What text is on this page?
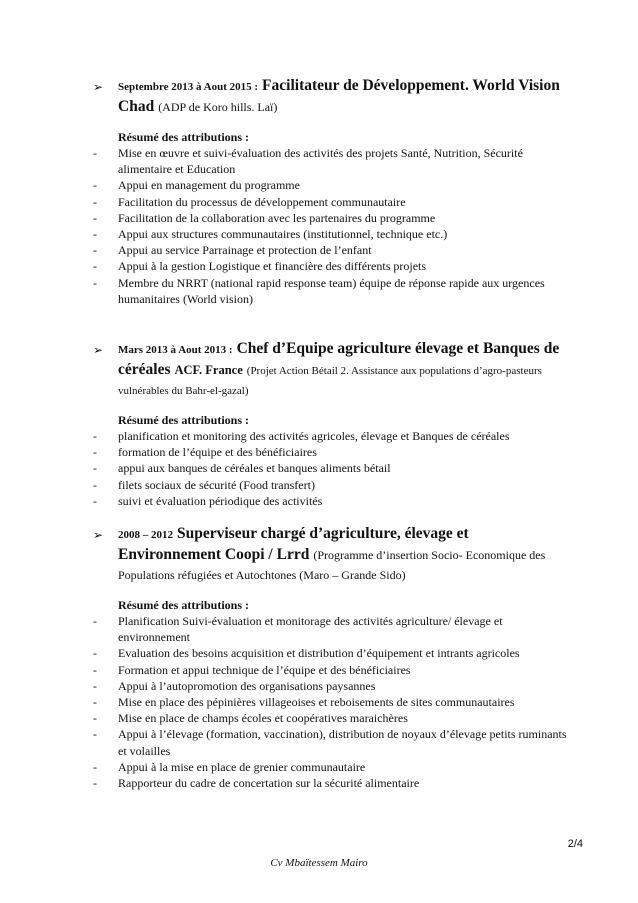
➢ Septembre 2013 à Aout 2015 : Facilitateur de Développement. World Vision Chad (ADP de Koro hills. Laï)
Résumé des attributions :
- Mise en œuvre et suivi-évaluation des activités des projets Santé, Nutrition, Sécurité alimentaire et Education
- Appui en management du programme
- Facilitation du processus de développement communautaire
- Facilitation de la collaboration avec les partenaires du programme
- Appui aux structures communautaires (institutionnel, technique etc.)
- Appui au service Parrainage et protection de l’enfant
- Appui à la gestion Logistique et financière des différents projets
- Membre du NRRT (national rapid response team) équipe de réponse rapide aux urgences humanitaires (World vision)
➢ Mars 2013 à Aout 2013 : Chef d’Equipe agriculture élevage et Banques de céréales ACF. France (Projet Action Bétail 2. Assistance aux populations d’agro-pasteurs vulnérables du Bahr-el-gazal)
Résumé des attributions :
- planification et monitoring des activités agricoles, élevage et Banques de céréales
- formation de l’équipe et des bénéficiaires
- appui aux banques de céréales et banques aliments bétail
- filets sociaux de sécurité (Food transfert)
- suivi et évaluation périodique des activités
➢ 2008 – 2012 Superviseur chargé d’agriculture, élevage et Environnement Coopi / Lrrd (Programme d’insertion Socio- Economique des Populations réfugiées et Autochtones (Maro – Grande Sido)
Résumé des attributions :
- Planification Suivi-évaluation et monitorage des activités agriculture/ élevage et environnement
- Evaluation des besoins acquisition et distribution d’équipement et intrants agricoles
- Formation et appui technique de l’équipe et des bénéficiaires
- Appui à l’autopromotion des organisations paysannes
- Mise en place des pépinières villageoises et reboisements de sites communautaires
- Mise en place de champs écoles et coopératives maraichères
- Appui à l’élevage (formation, vaccination), distribution de noyaux d’élevage petits ruminants et volailles
- Appui à la mise en place de grenier communautaire
- Rapporteur du cadre de concertation sur la sécurité alimentaire
2/4
Cv Mbaïtessem Mairo
